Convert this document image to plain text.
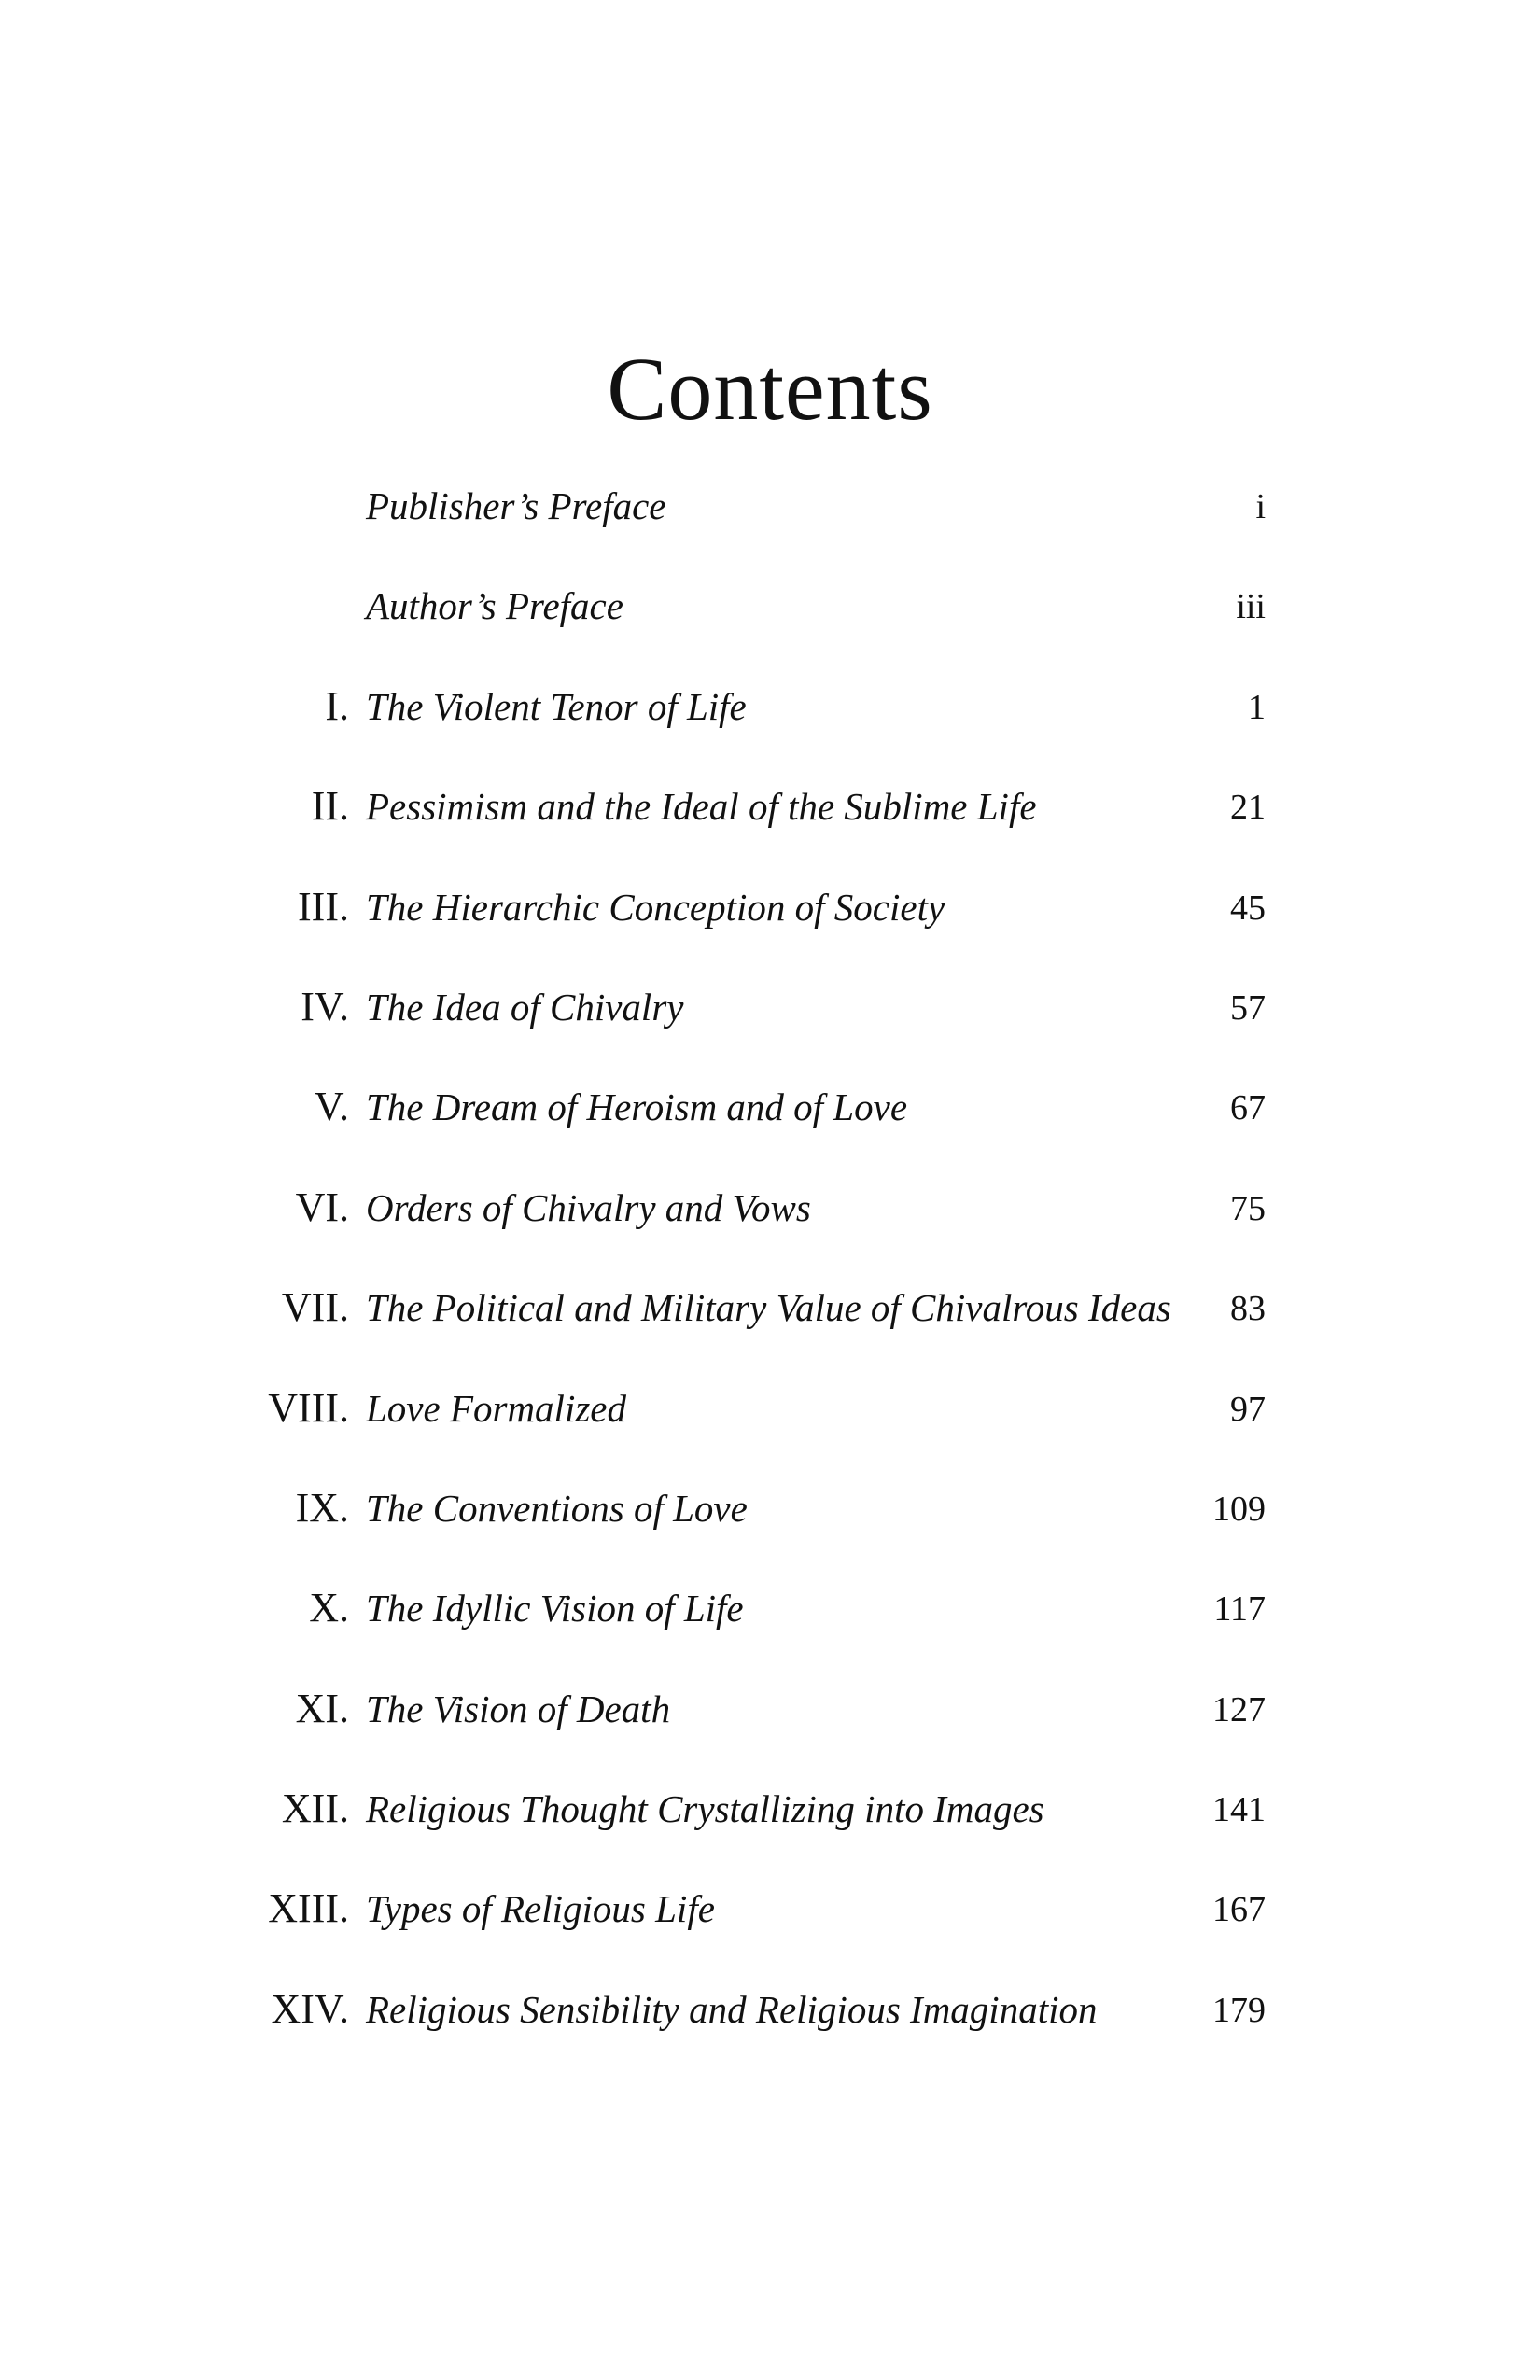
Contents
Publisher’s Preface	i
Author’s Preface	iii
I. The Violent Tenor of Life	1
II. Pessimism and the Ideal of the Sublime Life	21
III. The Hierarchic Conception of Society	45
IV. The Idea of Chivalry	57
V. The Dream of Heroism and of Love	67
VI. Orders of Chivalry and Vows	75
VII. The Political and Military Value of Chivalrous Ideas 83
VIII. Love Formalized	97
IX. The Conventions of Love	109
X. The Idyllic Vision of Life	117
XI. The Vision of Death	127
XII. Religious Thought Crystallizing into Images	141
XIII. Types of Religious Life	167
XIV. Religious Sensibility and Religious Imagination	179
